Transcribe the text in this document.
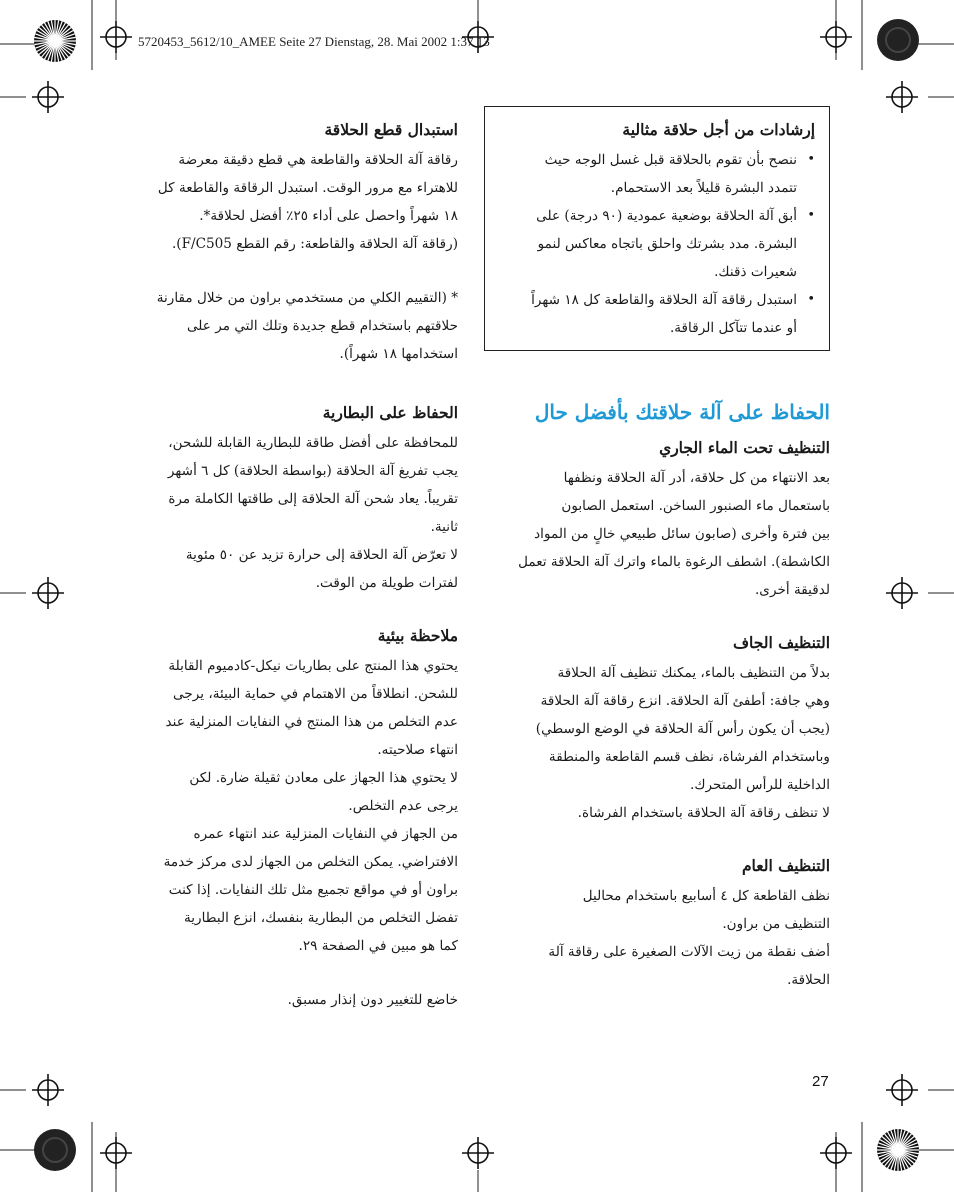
5720453_5612/10_AMEE Seite 27 Dienstag, 28. Mai 2002 1:37 13
استبدال قطع الحلاقة

رقاقة آلة الحلاقة والقاطعة هي قطع دقيقة معرضة

للاهتراء مع مرور الوقت. استبدل الرقاقة والقاطعة كل

١٨ شهراً واحصل على أداء ٢٥٪ أفضل لحلاقة*.

(رقاقة آلة الحلاقة والقاطعة: رقم القطع F/C505).

* (التقييم الكلي من مستخدمي براون من خلال مقارنة

حلاقتهم باستخدام قطع جديدة وتلك التي مر على

استخدامها ١٨ شهراً).

الحفاظ على البطارية

للمحافظة على أفضل طاقة للبطارية القابلة للشحن،

يجب تفريغ آلة الحلاقة (بواسطة الحلاقة) كل ٦ أشهر

تقريباً. يعاد شحن آلة الحلاقة إلى طاقتها الكاملة مرة

ثانية.

لا تعرّض آلة الحلاقة إلى حرارة تزيد عن ٥٠ مئوية

لفترات طويلة من الوقت.

ملاحظة بيئية

يحتوي هذا المنتج على بطاريات نيكل-كادميوم القابلة

للشحن. انطلاقاً من الاهتمام في حماية البيئة، يرجى

عدم التخلص من هذا المنتج في النفايات المنزلية عند

انتهاء صلاحيته.

لا يحتوي هذا الجهاز على معادن ثقيلة ضارة. لكن

يرجى عدم التخلص.

من الجهاز في النفايات المنزلية عند انتهاء عمره

الافتراضي. يمكن التخلص من الجهاز لدى مركز خدمة

براون أو في مواقع تجميع مثل تلك النفايات. إذا كنت

تفضل التخلص من البطارية بنفسك، انزع البطارية

كما هو مبين في الصفحة ٢٩.

خاضع للتغيير دون إنذار مسبق.

إرشادات من أجل حلاقة مثالية
•
ننصح بأن تقوم بالحلاقة قبل غسل الوجه حيث
تتمدد البشرة قليلاً بعد الاستحمام.
•
أبق آلة الحلاقة بوضعية عمودية (٩٠ درجة) على
البشرة. مدد بشرتك واحلق باتجاه معاكس لنمو
شعيرات ذقنك.
•
استبدل رقاقة آلة الحلاقة والقاطعة كل ١٨ شهراً
أو عندما تتآكل الرقاقة.
الحفاظ على آلة حلاقتك بأفضل حال
التنظيف تحت الماء الجاري

بعد الانتهاء من كل حلاقة، أدر آلة الحلاقة ونظفها

باستعمال ماء الصنبور الساخن. استعمل الصابون

بين فترة وأخرى (صابون سائل طبيعي خالٍ من المواد

الكاشطة). اشطف الرغوة بالماء واترك آلة الحلاقة تعمل

لدقيقة أخرى.

التنظيف الجاف

بدلاً من التنظيف بالماء، يمكنك تنظيف آلة الحلاقة

وهي جافة: أطفئ آلة الحلاقة. انزع رقاقة آلة الحلاقة

(يجب أن يكون رأس آلة الحلاقة في الوضع الوسطي)

وباستخدام الفرشاة، نظف قسم القاطعة والمنطقة

الداخلية للرأس المتحرك.

لا تنظف رقاقة آلة الحلاقة باستخدام الفرشاة.

التنظيف العام

نظف القاطعة كل ٤ أسابيع باستخدام محاليل

التنظيف من براون.

أضف نقطة من زيت الآلات الصغيرة على رقاقة آلة

الحلاقة.

27
